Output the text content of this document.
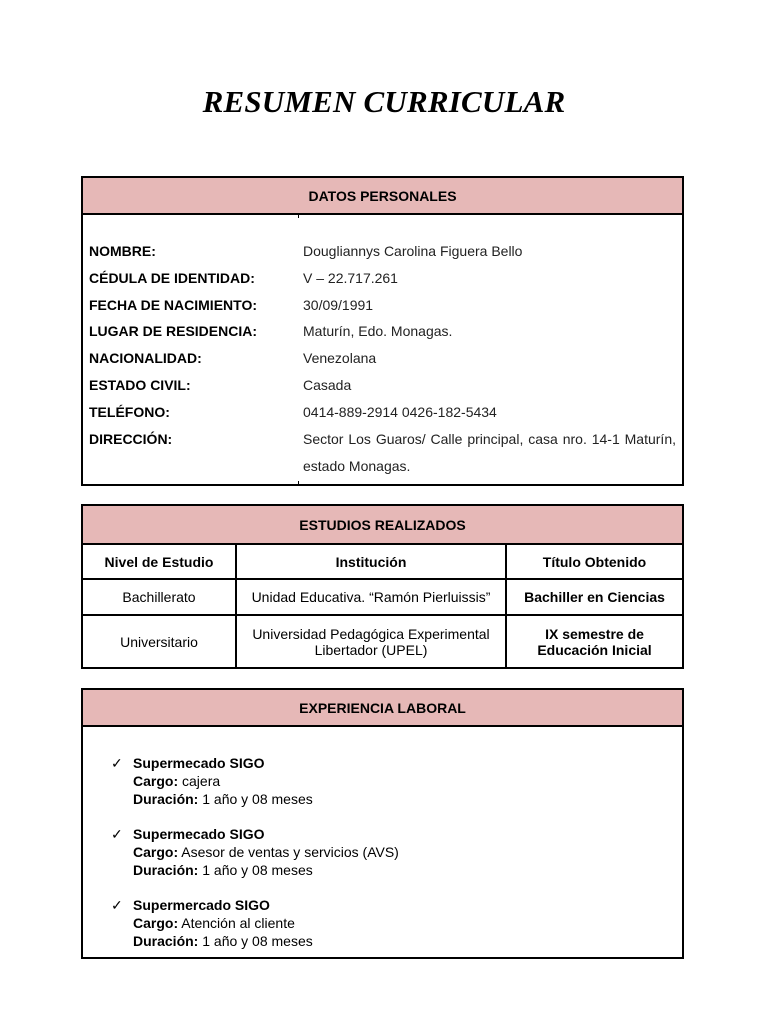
RESUMEN CURRICULAR
DATOS PERSONALES
NOMBRE:	Dougliannys Carolina Figuera Bello
CÉDULA DE IDENTIDAD:	V – 22.717.261
FECHA DE NACIMIENTO:	30/09/1991
LUGAR DE RESIDENCIA:	Maturín, Edo. Monagas.
NACIONALIDAD:	Venezolana
ESTADO CIVIL:	Casada
TELÉFONO:	0414-889-2914 0426-182-5434
DIRECCIÓN:	Sector Los Guaros/ Calle principal, casa nro. 14-1 Maturín, estado Monagas.
ESTUDIOS REALIZADOS
Nivel de Estudio	Institución	Título Obtenido
Bachillerato	Unidad Educativa. “Ramón Pierluissis”	Bachiller en Ciencias
Universitario	Universidad Pedagógica Experimental Libertador (UPEL)	IX semestre de Educación Inicial
EXPERIENCIA LABORAL
✓ Supermecado SIGO
Cargo: cajera
Duración: 1 año y 08 meses
✓ Supermecado SIGO
Cargo: Asesor de ventas y servicios (AVS)
Duración: 1 año y 08 meses
✓ Supermercado SIGO
Cargo: Atención al cliente
Duración: 1 año y 08 meses
